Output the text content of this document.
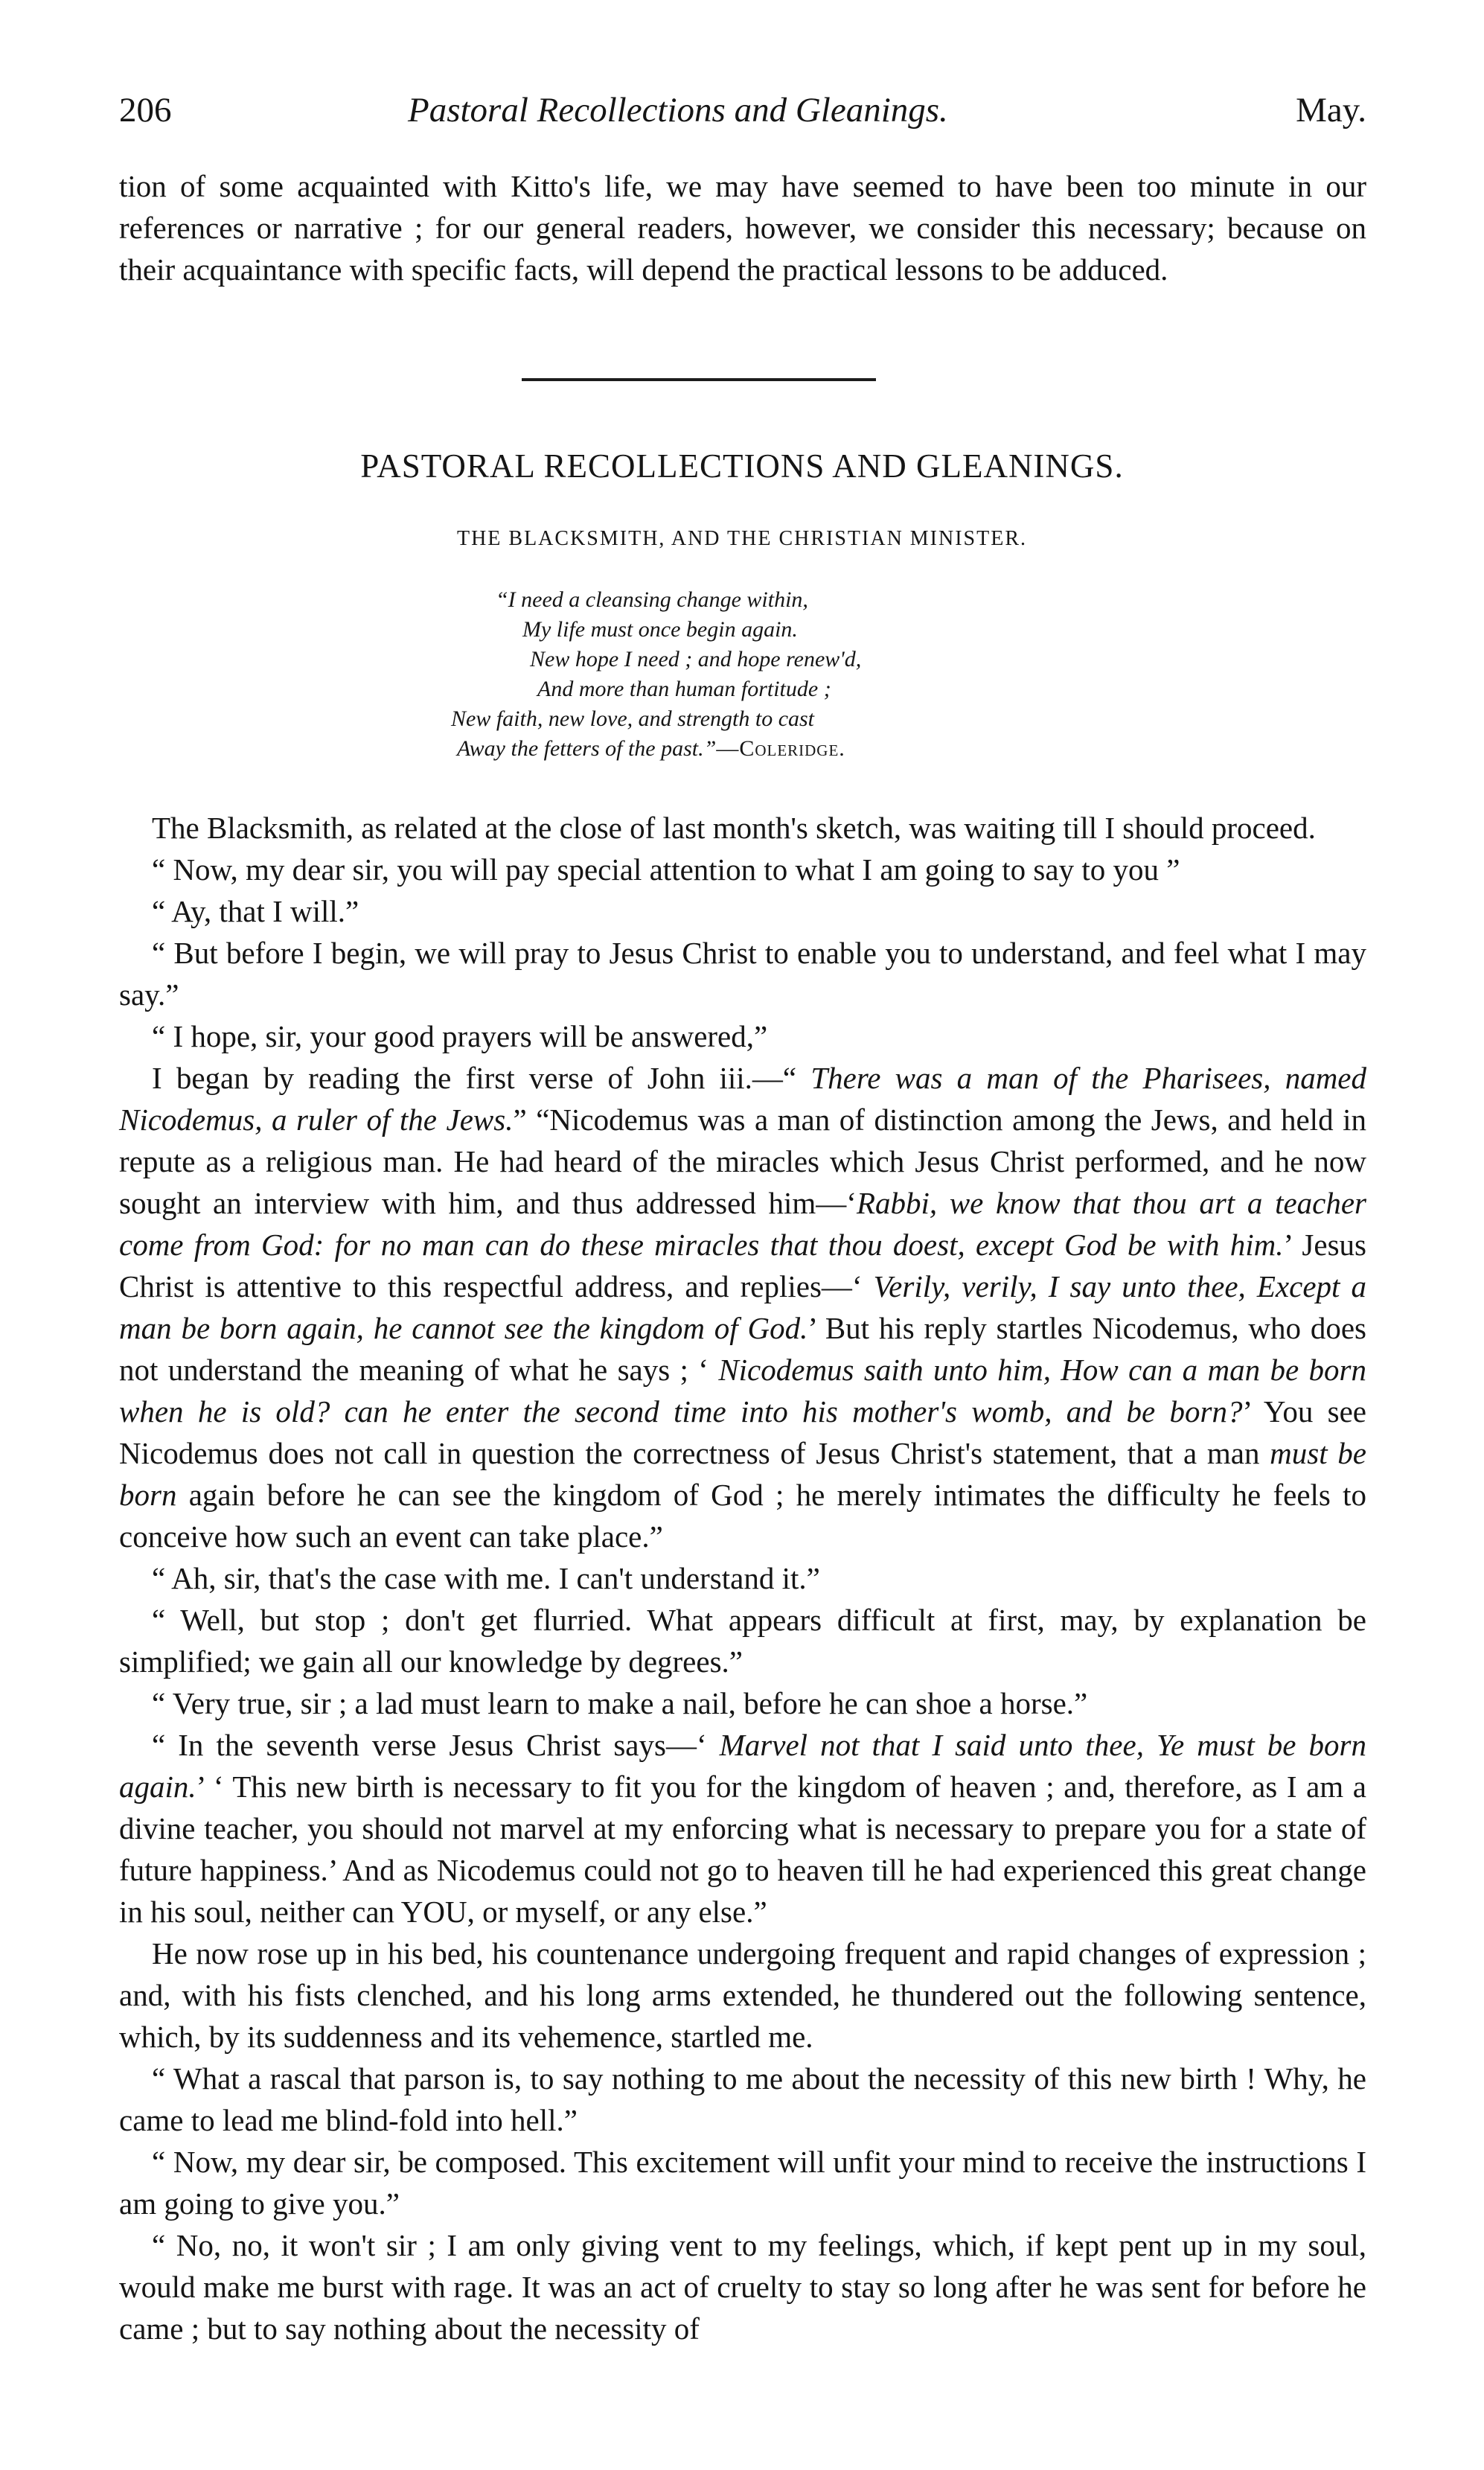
206	Pastoral Recollections and Gleanings.	May.

tion of some acquainted with Kitto's life, we may have seemed to have been too minute in our references or narrative ; for our general readers, however, we consider this necessary; because on their acquaintance with specific facts, will depend the practical lessons to be adduced.

PASTORAL RECOLLECTIONS AND GLEANINGS.
THE BLACKSMITH, AND THE CHRISTIAN MINISTER.
“I need a cleansing change within,
My life must once begin again.
New hope I need ; and hope renew'd,
And more than human fortitude ;
New faith, new love, and strength to cast
Away the fetters of the past.”—Coleridge.

The Blacksmith, as related at the close of last month's sketch, was waiting till I should proceed.

“ Now, my dear sir, you will pay special attention to what I am going to say to you ”

“ Ay, that I will.”

“ But before I begin, we will pray to Jesus Christ to enable you to understand, and feel what I may say.”

“ I hope, sir, your good prayers will be answered,”

I began by reading the first verse of John iii.—“ There was a man of the Pharisees, named Nicodemus, a ruler of the Jews.” “Nicodemus was a man of distinction among the Jews, and held in repute as a religious man. He had heard of the miracles which Jesus Christ performed, and he now sought an interview with him, and thus addressed him—‘Rabbi, we know that thou art a teacher come from God: for no man can do these miracles that thou doest, except God be with him.’ Jesus Christ is attentive to this respectful address, and replies—‘ Verily, verily, I say unto thee, Except a man be born again, he cannot see the kingdom of God.’ But his reply startles Nicodemus, who does not understand the meaning of what he says ; ‘ Nicodemus saith unto him, How can a man be born when he is old? can he enter the second time into his mother's womb, and be born?’ You see Nicodemus does not call in question the correctness of Jesus Christ's statement, that a man must be born again before he can see the kingdom of God ; he merely intimates the difficulty he feels to conceive how such an event can take place.”

“ Ah, sir, that's the case with me. I can't understand it.”

“ Well, but stop ; don't get flurried. What appears difficult at first, may, by explanation be simplified; we gain all our knowledge by degrees.”

“ Very true, sir ; a lad must learn to make a nail, before he can shoe a horse.”

“ In the seventh verse Jesus Christ says—‘ Marvel not that I said unto thee, Ye must be born again.’ ‘ This new birth is necessary to fit you for the kingdom of heaven ; and, therefore, as I am a divine teacher, you should not marvel at my enforcing what is necessary to prepare you for a state of future happiness.’ And as Nicodemus could not go to heaven till he had experienced this great change in his soul, neither can YOU, or myself, or any else.”

He now rose up in his bed, his countenance undergoing frequent and rapid changes of expression ; and, with his fists clenched, and his long arms extended, he thundered out the following sentence, which, by its suddenness and its vehemence, startled me.

“ What a rascal that parson is, to say nothing to me about the necessity of this new birth ! Why, he came to lead me blind-fold into hell.”

“ Now, my dear sir, be composed. This excitement will unfit your mind to receive the instructions I am going to give you.”

“ No, no, it won't sir ; I am only giving vent to my feelings, which, if kept pent up in my soul, would make me burst with rage. It was an act of cruelty to stay so long after he was sent for before he came ; but to say nothing about the necessity of
